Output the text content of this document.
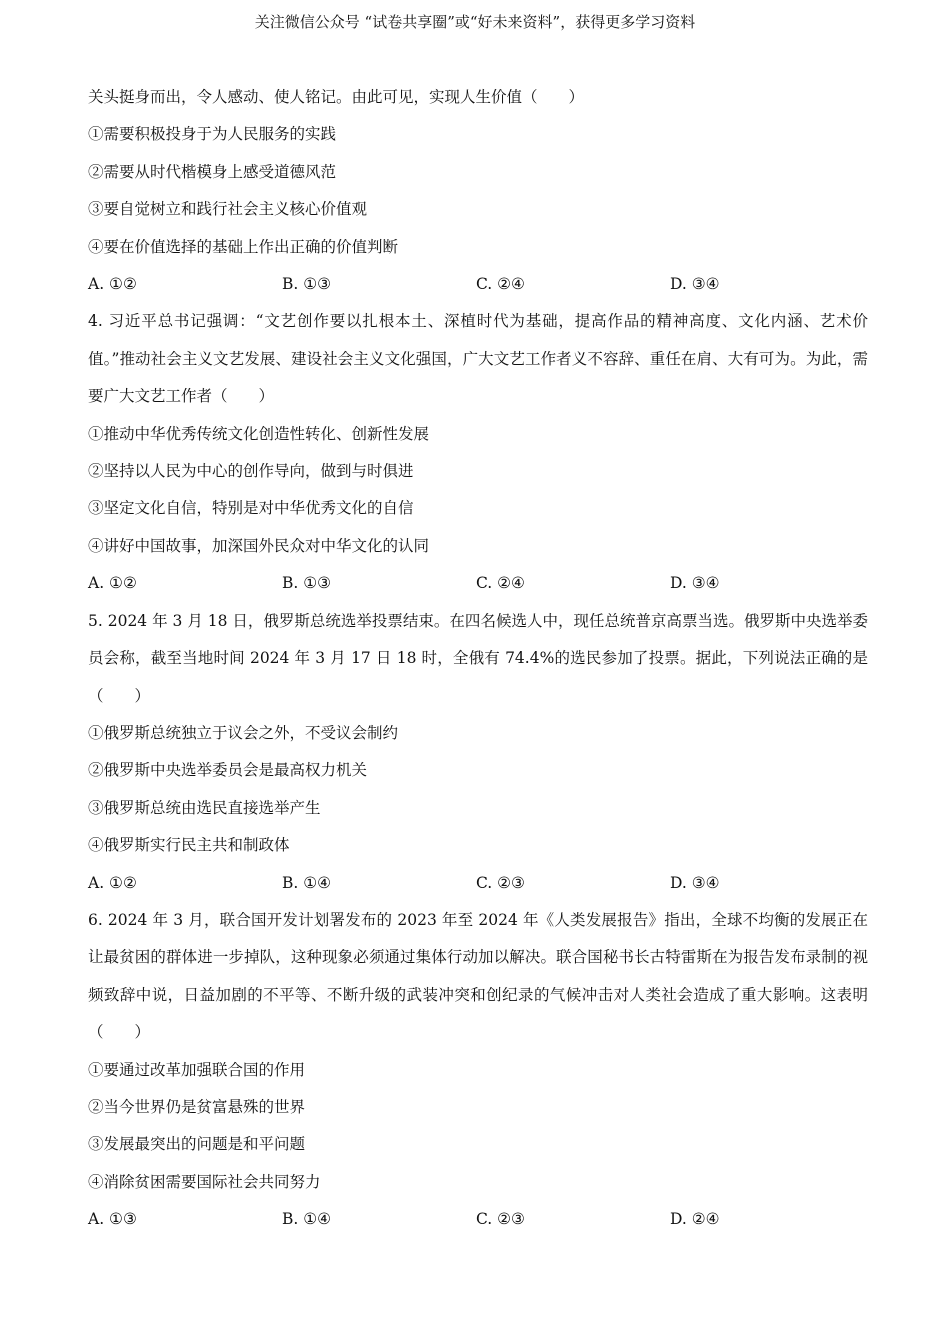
关注微信公众号 “试卷共享圈”或“好未来资料”，获得更多学习资料
关头挺身而出，令人感动、使人铭记。由此可见，实现人生价值（　　）
①需要积极投身于为人民服务的实践
②需要从时代楷模身上感受道德风范
③要自觉树立和践行社会主义核心价值观
④要在价值选择的基础上作出正确的价值判断
A. ①②	B. ①③	C. ②④	D. ③④
4. 习近平总书记强调：“文艺创作要以扎根本土、深植时代为基础，提高作品的精神高度、文化内涵、艺术价值。”推动社会主义文艺发展、建设社会主义文化强国，广大文艺工作者义不容辞、重任在肩、大有可为。为此，需要广大文艺工作者（　　）
①推动中华优秀传统文化创造性转化、创新性发展
②坚持以人民为中心的创作导向，做到与时俱进
③坚定文化自信，特别是对中华优秀文化的自信
④讲好中国故事，加深国外民众对中华文化的认同
A. ①②	B. ①③	C. ②④	D. ③④
5. 2024 年 3 月 18 日，俄罗斯总统选举投票结束。在四名候选人中，现任总统普京高票当选。俄罗斯中央选举委员会称，截至当地时间 2024 年 3 月 17 日 18 时，全俄有 74.4%的选民参加了投票。据此，下列说法正确的是（　　）
①俄罗斯总统独立于议会之外，不受议会制约
②俄罗斯中央选举委员会是最高权力机关
③俄罗斯总统由选民直接选举产生
④俄罗斯实行民主共和制政体
A. ①②	B. ①④	C. ②③	D. ③④
6. 2024 年 3 月，联合国开发计划署发布的 2023 年至 2024 年《人类发展报告》指出，全球不均衡的发展正在让最贫困的群体进一步掉队，这种现象必须通过集体行动加以解决。联合国秘书长古特雷斯在为报告发布录制的视频致辞中说，日益加剧的不平等、不断升级的武装冲突和创纪录的气候冲击对人类社会造成了重大影响。这表明（　　）
①要通过改革加强联合国的作用
②当今世界仍是贫富悬殊的世界
③发展最突出的问题是和平问题
④消除贫困需要国际社会共同努力
A. ①③	B. ①④	C. ②③	D. ②④
